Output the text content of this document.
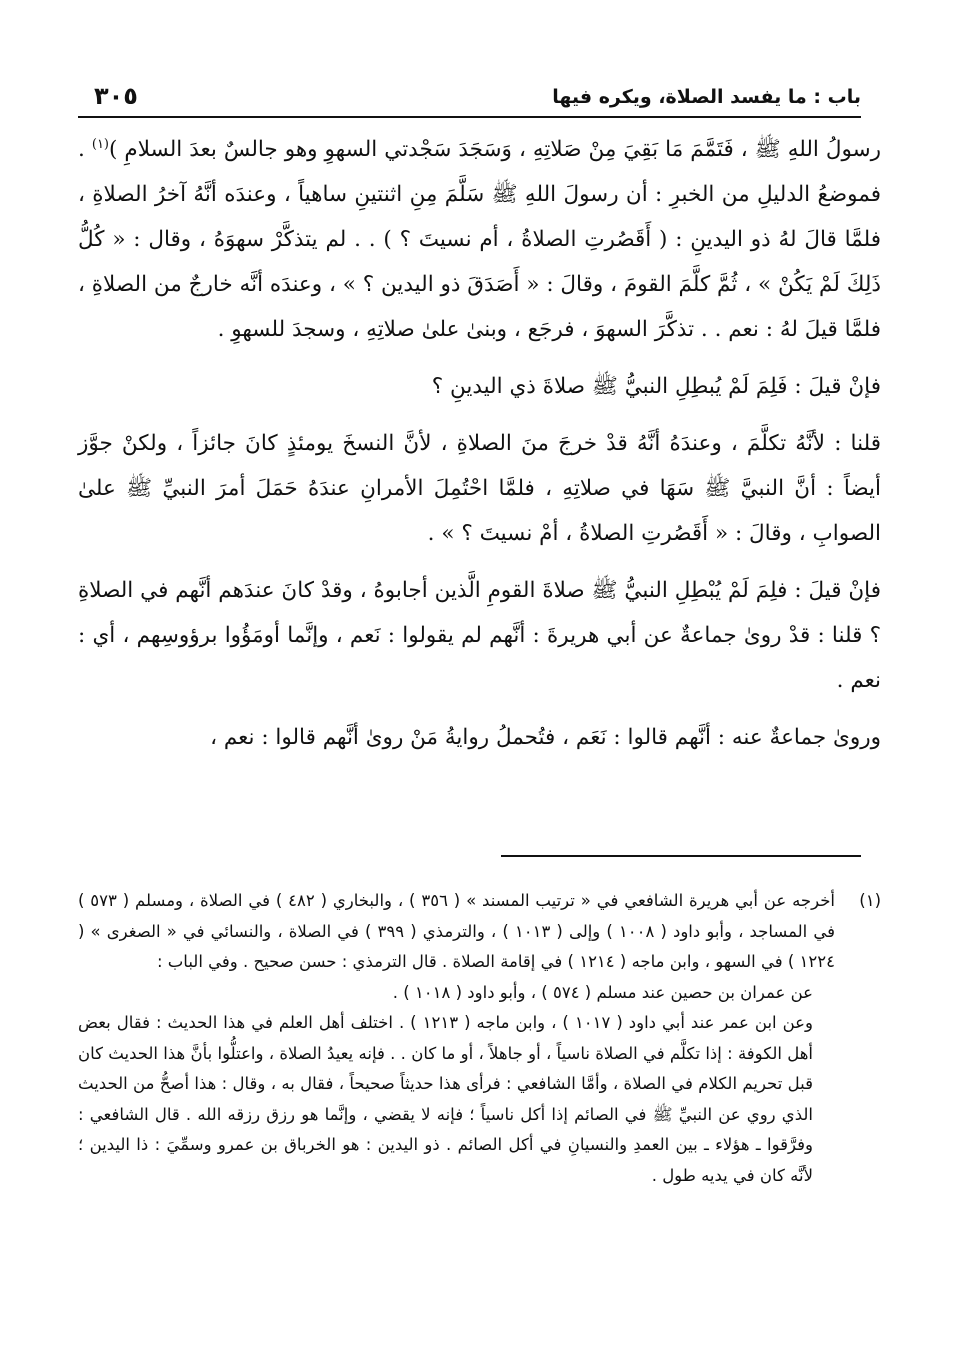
باب : ما يفسد الصلاة، ويكره فيها
٣٠٥

رسولُ اللهِ ﷺ ، فَتَمَّمَ مَا بَقِيَ مِنْ صَلاتِهِ ، وَسَجَدَ سَجْدتي السهوِ وهو جالسٌ بعدَ السلامِ )$^{(١)}$ . فموضعُ الدليلِ من الخبرِ : أن رسولَ اللهِ ﷺ سَلَّمَ مِنِ اثنتينِ ساهياً ، وعندَه أنَّهُ آخرُ الصلاةِ ، فلمَّا قالَ لهُ ذو اليدينِ : ( أَقَصُرتِ الصلاةُ ، أم نسيتَ ؟ ) . . لم يتذكَّرْ سهوَهُ ، وقال : « كُلُّ ذَلِكَ لَمْ يَكُنْ » ، ثُمَّ كلَّمَ القومَ ، وقالَ : « أَصَدَقَ ذو اليدين ؟ » ، وعندَه أنَّه خارجٌ من الصلاةِ ، فلمَّا قيلَ لهُ : نعم . . تذكَّرَ السهوَ ، فرجَع ، وبنىٰ علىٰ صلاتِهِ ، وسجدَ للسهوِ .

فإنْ قيلَ : فَلِمَ لَمْ يُبطِلِ النبيُّ ﷺ صلاةَ ذي اليدينِ ؟

قلنا : لأنَّهُ تكلَّمَ ، وعندَهُ أنَّهُ قدْ خرجَ منَ الصلاةِ ، لأنَّ النسخَ يومئذٍ كانَ جائزاً ، ولكنْ جوَّز أيضاً : أنَّ النبيَّ ﷺ سَهَا في صلاتِهِ ، فلمَّا احْتُمِلَ الأمرانِ عندَهُ حَمَلَ أمرَ النبيِّ ﷺ علىٰ الصوابِ ، وقالَ : « أَقَصُرتِ الصلاةُ ، أمْ نسيتَ ؟ » .

فإنْ قيلَ : فلِمَ لَمْ يُبْطِلِ النبيُّ ﷺ صلاةَ القومِ الَّذين أجابوهُ ، وقدْ كانَ عندَهم أنَّهم في الصلاةِ ؟ قلنا : قدْ روىٰ جماعةٌ عن أبي هريرةَ : أنَّهم لم يقولوا : نَعم ، وإنَّما أومَؤُوا برؤوسِهم ، أي : نعم .

وروىٰ جماعةٌ عنه : أنَّهم قالوا : نَعَم ، فتُحملُ روايةُ مَنْ روىٰ أنَّهم قالوا : نعم ،

(١)

أخرجه عن أبي هريرة الشافعي في « ترتيب المسند » ( ٣٥٦ ) ، والبخاري ( ٤٨٢ ) في الصلاة ، ومسلم ( ٥٧٣ ) في المساجد ، وأبو داود ( ١٠٠٨ ) وإلى ( ١٠١٣ ) ، والترمذي ( ٣٩٩ ) في الصلاة ، والنسائي في « الصغرى » ( ١٢٢٤ ) في السهو ، وابن ماجه ( ١٢١٤ ) في إقامة الصلاة . قال الترمذي : حسن صحيح . وفي الباب :

عن عمران بن حصين عند مسلم ( ٥٧٤ ) ، وأبو داود ( ١٠١٨ ) .

وعن ابن عمر عند أبي داود ( ١٠١٧ ) ، وابن ماجه ( ١٢١٣ ) . اختلف أهل العلم في هذا الحديث : فقال بعض أهل الكوفة : إذا تكلَّم في الصلاة ناسياً ، أو جاهلاً ، أو ما كان . . فإنه يعيدُ الصلاة ، واعتلُّوا بأنَّ هذا الحديث كان قبل تحريم الكلام في الصلاة ، وأمَّا الشافعي : فرأى هذا حديثاً صحيحاً ، فقال به ، وقال : هذا أصحُّ من الحديث الذي روي عن النبيِّ ﷺ في الصائم إذا أكل ناسياً ؛ فإنه لا يقضي ، وإنَّما هو رزق رزقه الله . قال الشافعي : وفرَّقوا ـ هؤلاء ـ بين العمدِ والنسيانِ في أكل الصائم . ذو اليدين : هو الخرباق بن عمرو وسمِّيَ : ذا اليدين ؛ لأنَّه كان في يديه طول .
